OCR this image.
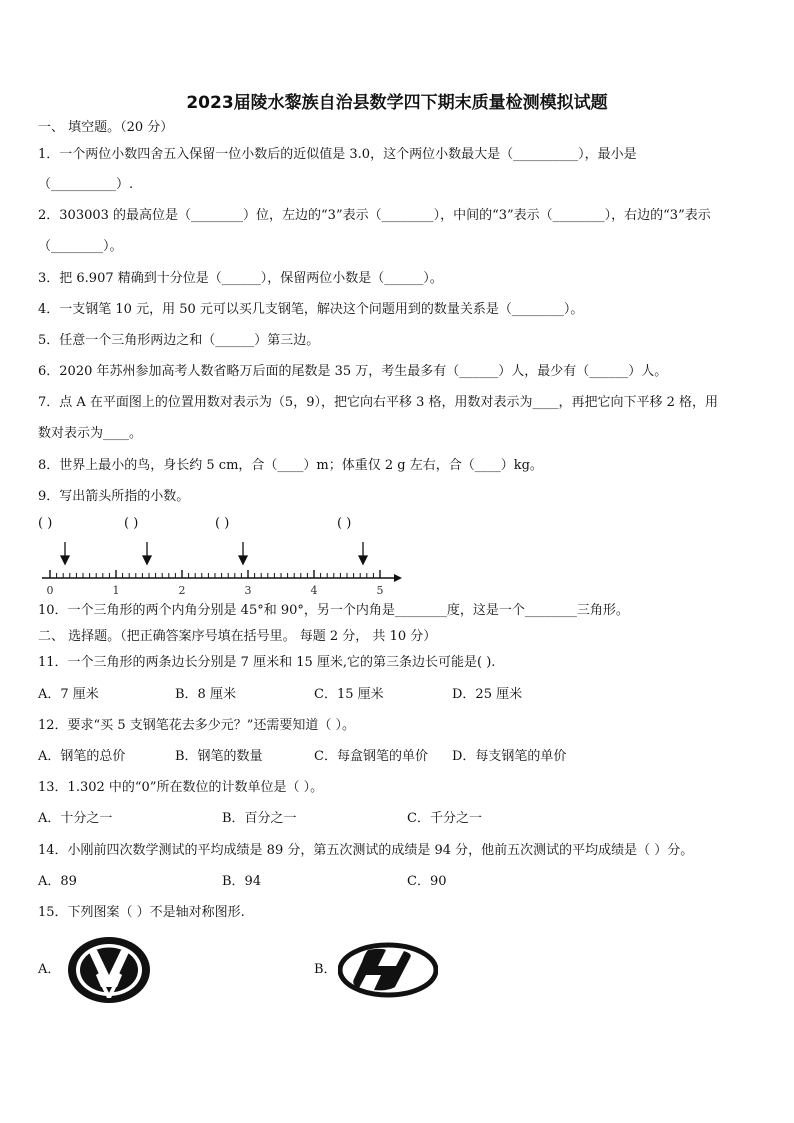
2023届陵水黎族自治县数学四下期末质量检测模拟试题
一、 填空题。（20 分）
1．一个两位小数四舍五入保留一位小数后的近似值是 3.0，这个两位小数最大是（__________），最小是
（__________）.
2．303003 的最高位是（________）位，左边的“3”表示（________），中间的“3”表示（________），右边的“3”表示
（________）。
3．把 6.907 精确到十分位是（______），保留两位小数是（______）。
4．一支钢笔 10 元，用 50 元可以买几支钢笔，解决这个问题用到的数量关系是（________）。
5．任意一个三角形两边之和（______）第三边。
6．2020 年苏州参加高考人数省略万后面的尾数是 35 万，考生最多有（______）人，最少有（______）人。
7．点 A 在平面图上的位置用数对表示为（5，9），把它向右平移 3 格，用数对表示为____，再把它向下平移 2 格，用
数对表示为____。
8．世界上最小的鸟，身长约 5 cm，合（____）m；体重仅 2 g 左右，合（____）kg。
9．写出箭头所指的小数。
( )	( )	( )	( )
0	1	2	3	4	5
10．一个三角形的两个内角分别是 45°和 90°，另一个内角是________度，这是一个________三角形。
二、 选择题。（把正确答案序号填在括号里。 每题 2 分， 共 10 分）
11．一个三角形的两条边长分别是 7 厘米和 15 厘米,它的第三条边长可能是( ).
A．7 厘米	B．8 厘米	C．15 厘米	D．25 厘米
12．要求“买 5 支钢笔花去多少元？”还需要知道（ ）。
A．钢笔的总价	B．钢笔的数量	C．每盒钢笔的单价 D．每支钢笔的单价
13．1.302 中的“0”所在数位的计数单位是（ ）。
A．十分之一	B．百分之一	C．千分之一
14．小刚前四次数学测试的平均成绩是 89 分，第五次测试的成绩是 94 分，他前五次测试的平均成绩是（ ）分。
A．89	B．94	C．90
15．下列图案（ ）不是轴对称图形.
A．	B．
